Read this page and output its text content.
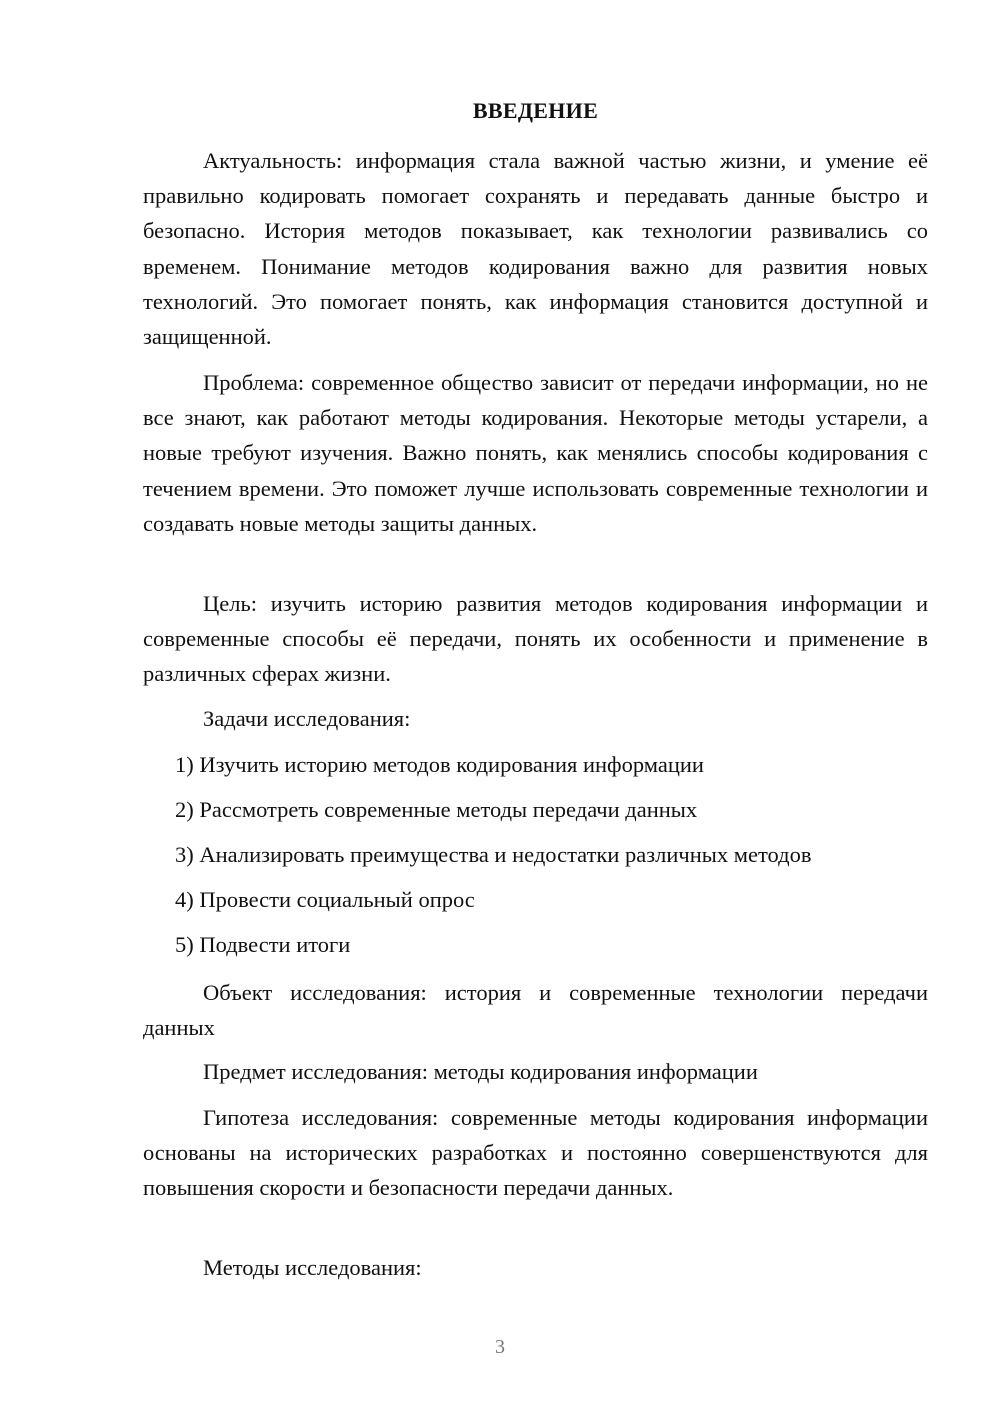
ВВЕДЕНИЕ

Актуальность: информация стала важной частью жизни, и умение её правильно кодировать помогает сохранять и передавать данные быстро и безопасно. История методов показывает, как технологии развивались со временем. Понимание методов кодирования важно для развития новых технологий. Это помогает понять, как информация становится доступной и защищенной.

Проблема: современное общество зависит от передачи информации, но не все знают, как работают методы кодирования. Некоторые методы устарели, а новые требуют изучения. Важно понять, как менялись способы кодирования с течением времени. Это поможет лучше использовать современные технологии и создавать новые методы защиты данных.

Цель: изучить историю развития методов кодирования информации и современные способы её передачи, понять их особенности и применение в различных сферах жизни.

Задачи исследования:

1) Изучить историю методов кодирования информации

2) Рассмотреть современные методы передачи данных

3) Анализировать преимущества и недостатки различных методов

4) Провести социальный опрос

5) Подвести итоги

Объект исследования: история и современные технологии передачи данных

Предмет исследования: методы кодирования информации

Гипотеза исследования: современные методы кодирования информации основаны на исторических разработках и постоянно совершенствуются для повышения скорости и безопасности передачи данных.

Методы исследования:

3
